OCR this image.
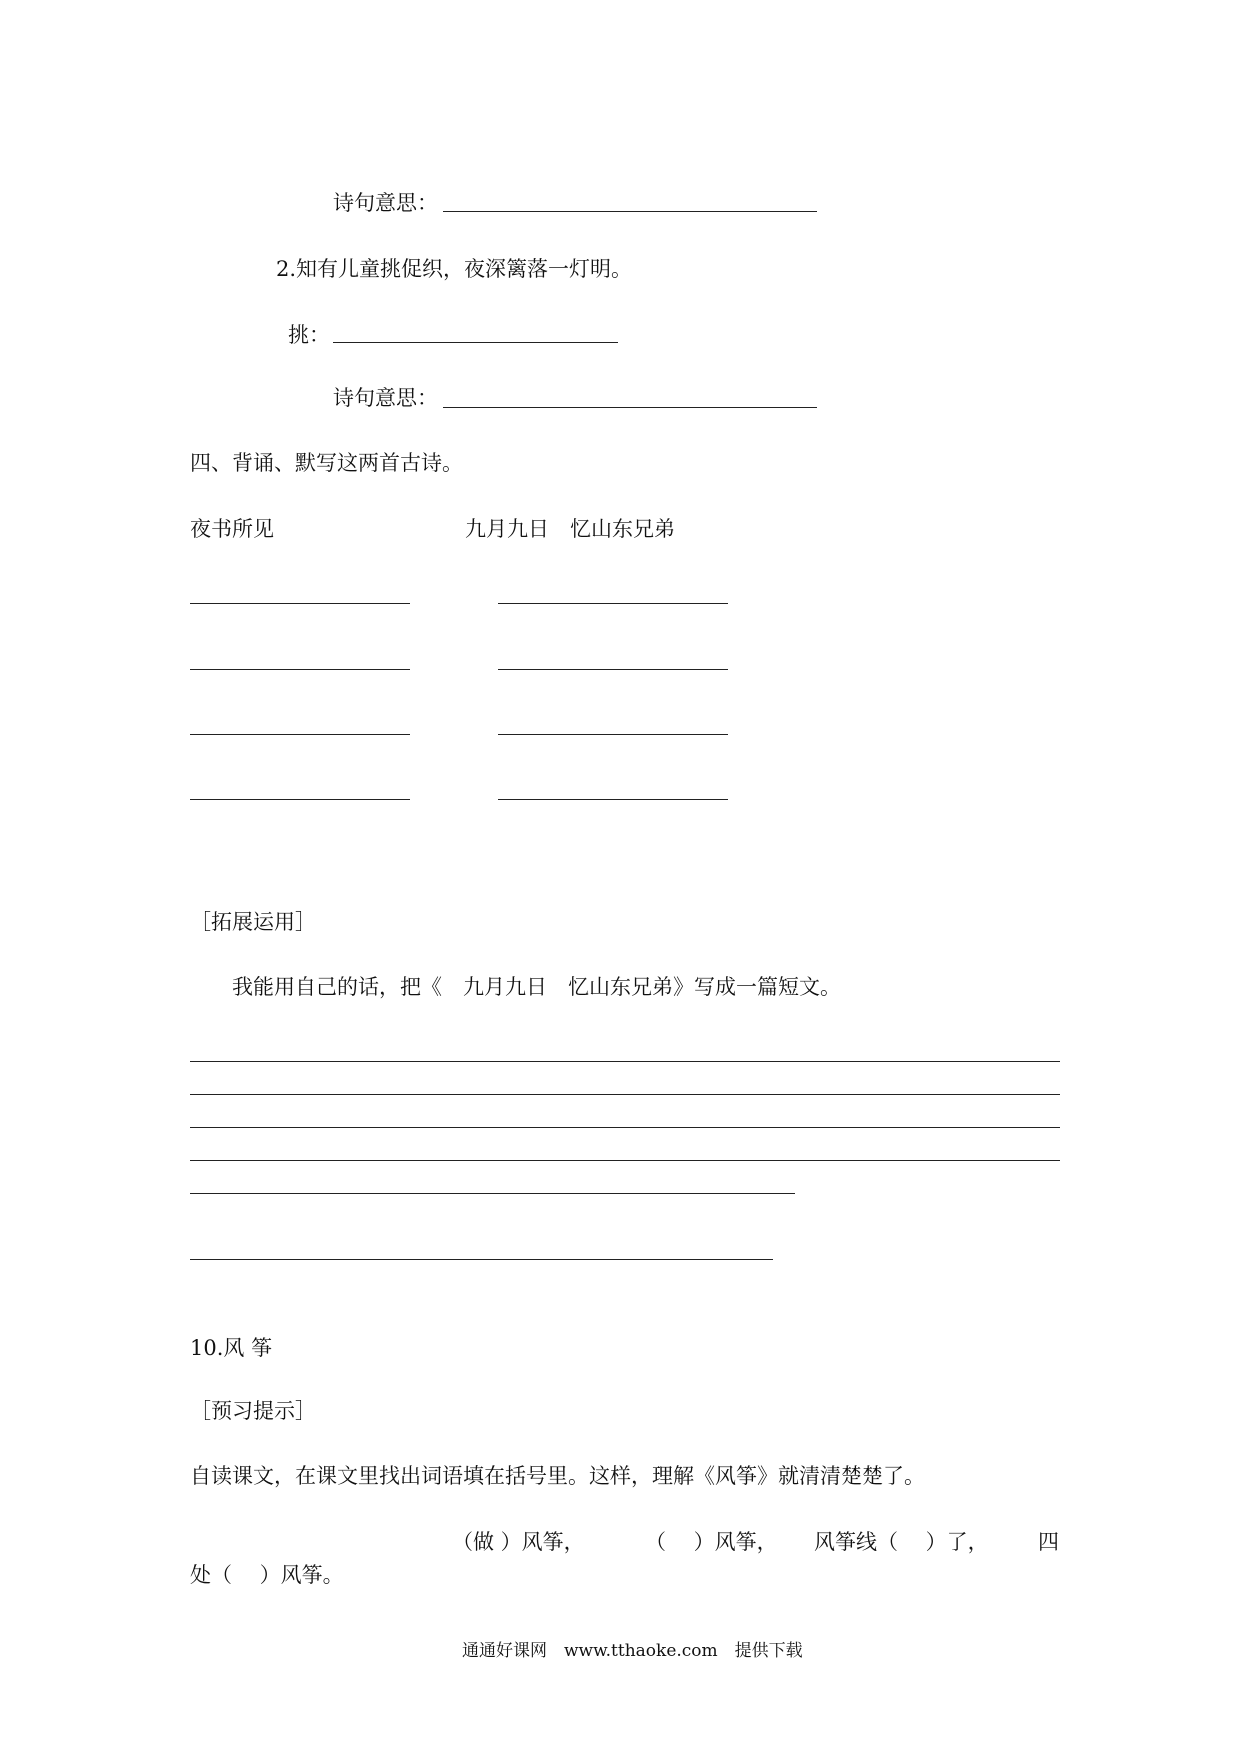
诗句意思：
2.知有儿童挑促织，夜深篱落一灯明。
挑：
诗句意思：
四、背诵、默写这两首古诗。
夜书所见	九月九日　忆山东兄弟
［拓展运用］
我能用自己的话，把《　九月九日　忆山东兄弟》写成一篇短文。
10.风 筝
［预习提示］
自读课文，在课文里找出词语填在括号里。这样，理解《风筝》就清清楚楚了。
（做 ）风筝，	（　 ）风筝， 风筝线（　 ）了， 四
处（　 ）风筝。
通通好课网　www.tthaoke.com　提供下载
